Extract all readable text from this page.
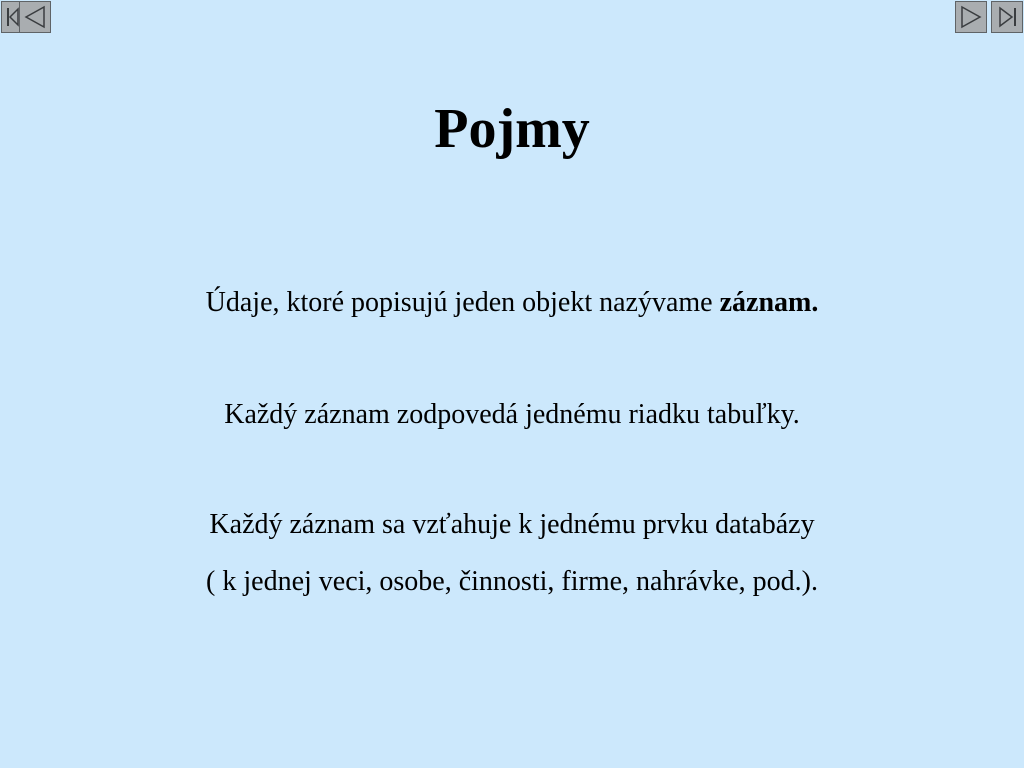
Pojmy
Údaje, ktoré popisujú jeden objekt nazývame záznam.
Každý záznam zodpovedá jednému riadku tabuľky.
Každý záznam sa vzťahuje k jednému prvku databázy
( k jednej veci, osobe, činnosti, firme, nahrávke, pod.).
